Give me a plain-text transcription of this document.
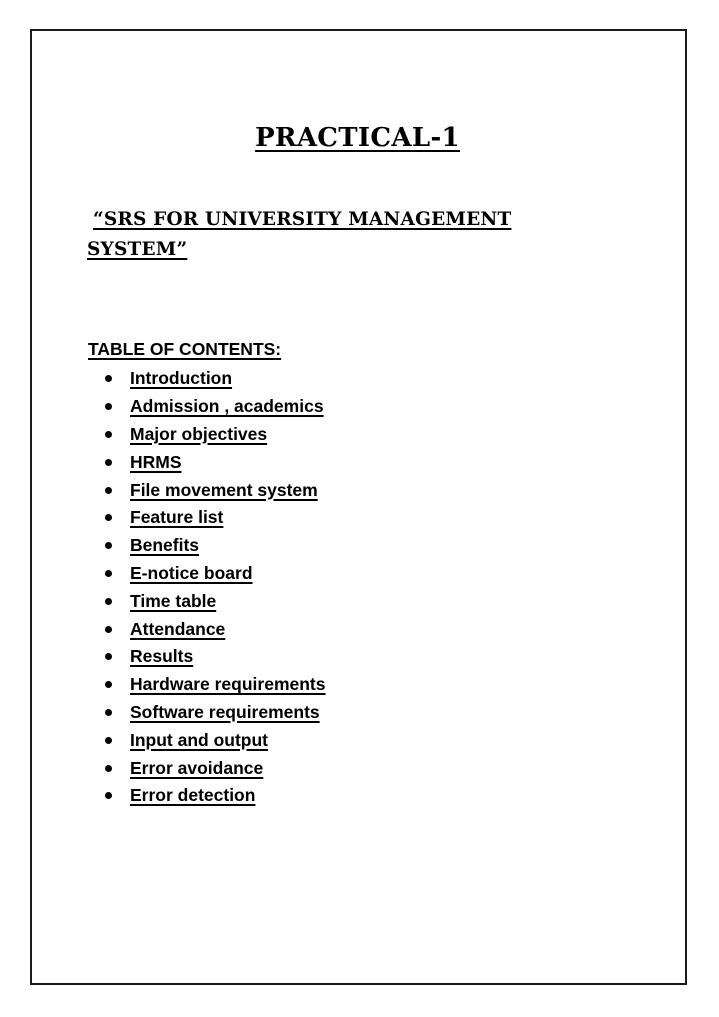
PRACTICAL-1
“SRS FOR UNIVERSITY MANAGEMENT
SYSTEM”
TABLE OF CONTENTS:
Introduction
Admission , academics
Major objectives
HRMS
File movement system
Feature list
Benefits
E-notice board
Time table
Attendance
Results
Hardware requirements
Software requirements
Input and output
Error avoidance
Error detection
